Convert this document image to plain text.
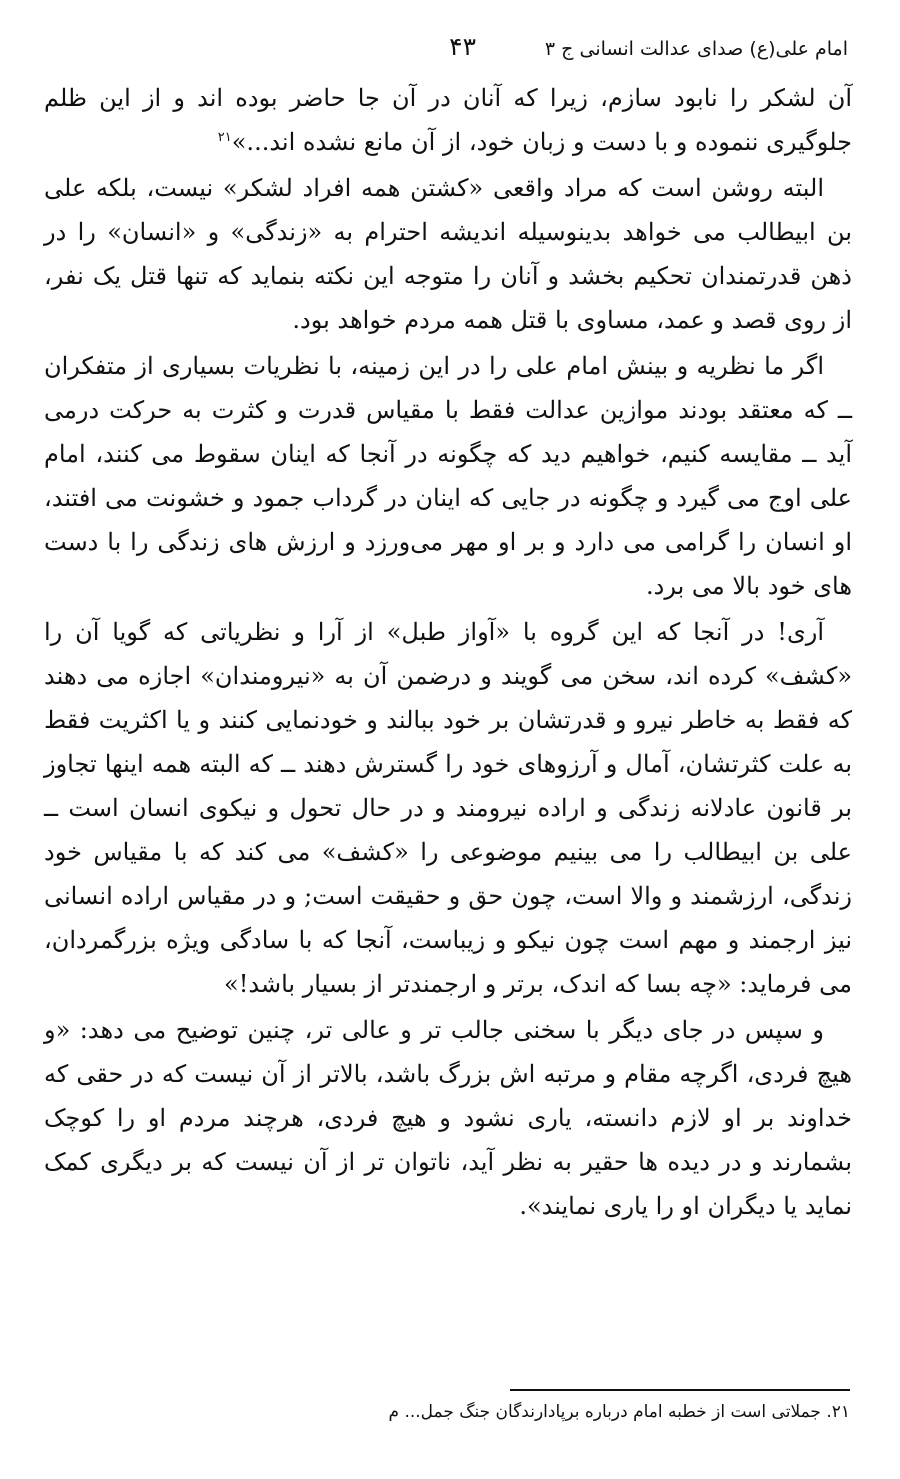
امام علی(ع) صدای عدالت انسانی ج ۳
۴۳

آن لشکر را نابود سازم، زیرا که آنان در آن جا حاضر بوده اند و از این ظلم جلوگیری ننموده و با دست و زبان خود، از آن مانع نشده اند...»$^{۲۱}$

البته روشن است که مراد واقعی «کشتن همه افراد لشکر» نیست، بلکه علی بن ابیطالب می خواهد بدینوسیله اندیشه احترام به «زندگی» و «انسان» را در ذهن قدرتمندان تحکیم بخشد و آنان را متوجه این نکته بنماید که تنها قتل یک نفر، از روی قصد و عمد، مساوی با قتل همه مردم خواهد بود.

اگر ما نظریه و بینش امام علی را در این زمینه، با نظریات بسیاری از متفکران ــ که معتقد بودند موازین عدالت فقط با مقیاس قدرت و کثرت به حرکت درمی آید ــ مقایسه کنیم، خواهیم دید که چگونه در آنجا که اینان سقوط می کنند، امام علی اوج می گیرد و چگونه در جایی که اینان در گرداب جمود و خشونت می افتند، او انسان را گرامی می دارد و بر او مهر می‌ورزد و ارزش های زندگی را با دست های خود بالا می برد.

آری! در آنجا که این گروه با «آواز طبل» از آرا و نظریاتی که گویا آن را «کشف» کرده اند، سخن می گویند و درضمن آن به «نیرومندان» اجازه می دهند که فقط به خاطر نیرو و قدرتشان بر خود ببالند و خودنمایی کنند و یا اکثریت فقط به علت کثرتشان، آمال و آرزوهای خود را گسترش دهند ــ که البته همه اینها تجاوز بر قانون عادلانه زندگی و اراده نیرومند و در حال تحول و نیکوی انسان است ــ علی بن ابیطالب را می بینیم موضوعی را «کشف» می کند که با مقیاس خود زندگی، ارزشمند و والا است، چون حق و حقیقت است; و در مقیاس اراده انسانی نیز ارجمند و مهم است چون نیکو و زیباست، آنجا که با سادگی ویژه بزرگمردان، می فرماید: «چه بسا که اندک، برتر و ارجمندتر از بسیار باشد!»

و سپس در جای دیگر با سخنی جالب تر و عالی تر، چنین توضیح می دهد: «و هیچ فردی، اگرچه مقام و مرتبه اش بزرگ باشد، بالاتر از آن نیست که در حقی که خداوند بر او لازم دانسته، یاری نشود و هیچ فردی، هرچند مردم او را کوچک بشمارند و در دیده ها حقیر به نظر آید، ناتوان تر از آن نیست که بر دیگری کمک نماید یا دیگران او را یاری نمایند».

۲۱. جملاتی است از خطبه امام درباره برپادارندگان جنگ جمل... م
